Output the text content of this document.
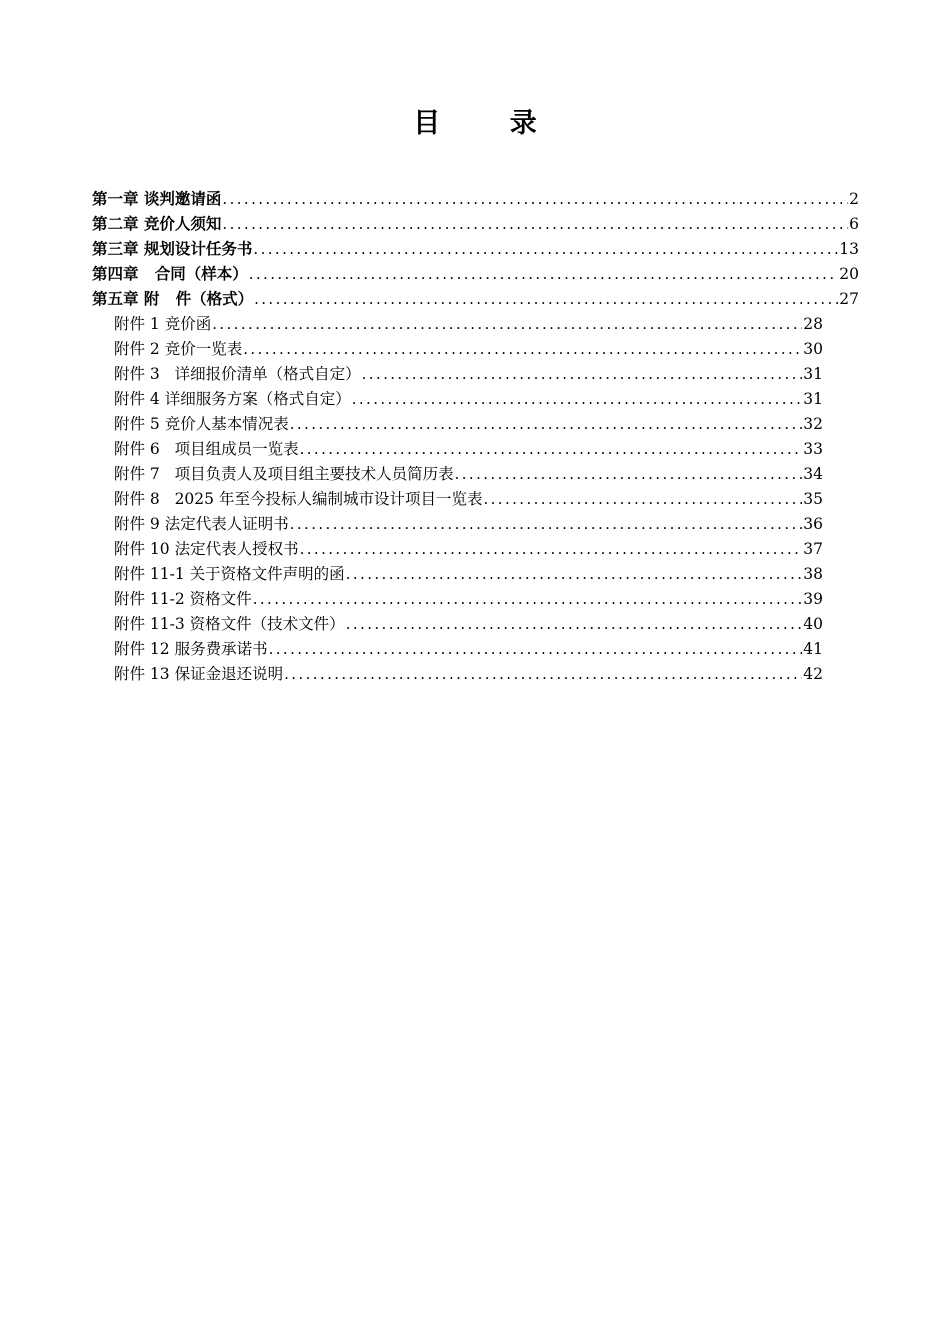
目 录
第一章 谈判邀请函 .....	2
第二章 竞价人须知 .....	6
第三章 规划设计任务书 .....	13
第四章   合同（样本） .....	20
第五章 附   件（格式） .....	27
附件 1 竞价函 .....	28
附件 2 竞价一览表 .....	30
附件 3   详细报价清单（格式自定） .....	31
附件 4 详细服务方案（格式自定） .....	31
附件 5 竞价人基本情况表 .....	32
附件 6   项目组成员一览表 .....	33
附件 7   项目负责人及项目组主要技术人员简历表 .....	34
附件 8   2025 年至今投标人编制城市设计项目一览表 .....	35
附件 9 法定代表人证明书 .....	36
附件 10 法定代表人授权书 .....	37
附件 11-1 关于资格文件声明的函 .....	38
附件 11-2 资格文件 .....	39
附件 11-3 资格文件（技术文件） .....	40
附件 12 服务费承诺书 .....	41
附件 13 保证金退还说明 .....	42
